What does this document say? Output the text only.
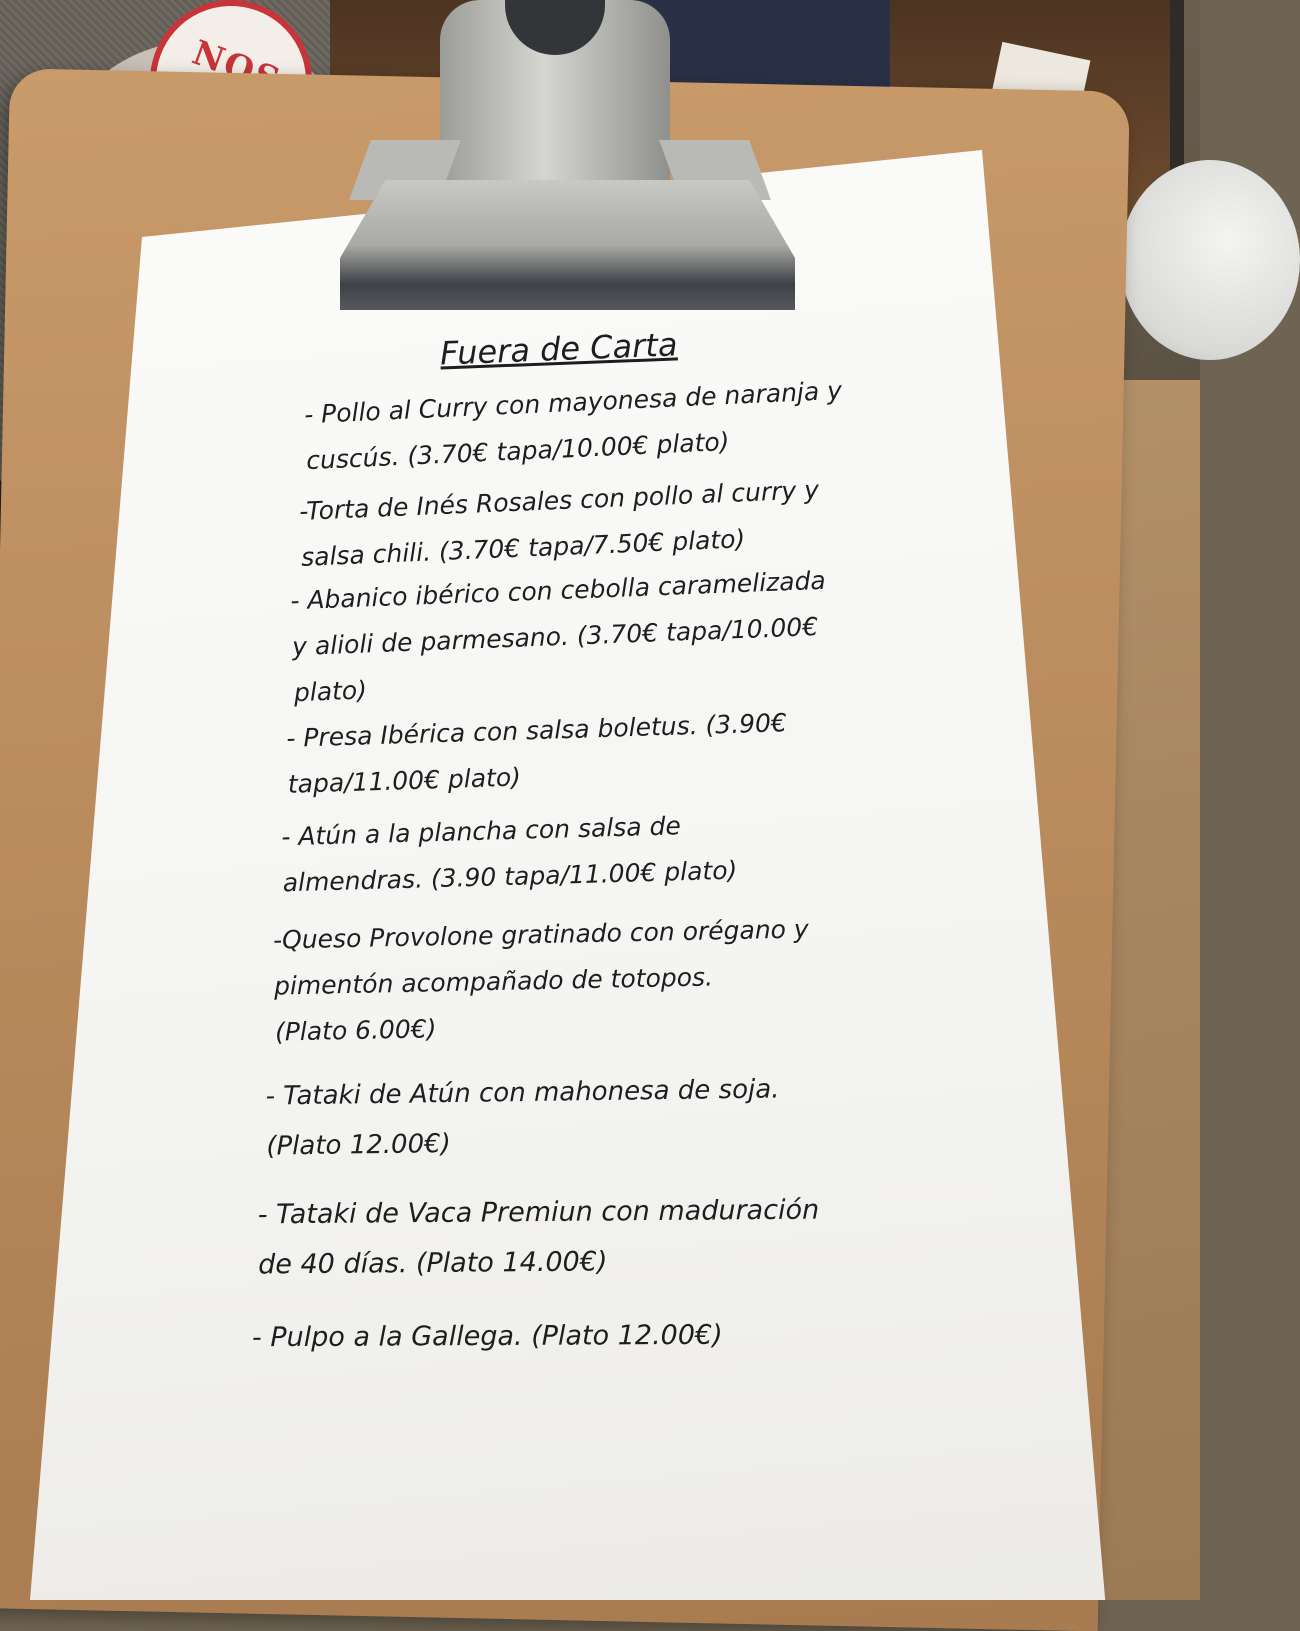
Fuera de Carta
- Pollo al Curry con mayonesa de naranja y
cuscús. (3.70€ tapa/10.00€ plato)
-Torta de Inés Rosales con pollo al curry y
salsa chili. (3.70€ tapa/7.50€ plato)
- Abanico ibérico con cebolla caramelizada
y alioli de parmesano. (3.70€ tapa/10.00€
plato)
- Presa Ibérica con salsa boletus. (3.90€
tapa/11.00€ plato)
- Atún a la plancha con salsa de
almendras. (3.90 tapa/11.00€ plato)
-Queso Provolone gratinado con orégano y
pimentón acompañado de totopos.
(Plato 6.00€)
- Tataki de Atún con mahonesa de soja.
(Plato 12.00€)
- Tataki de Vaca Premiun con maduración
de 40 días. (Plato 14.00€)
- Pulpo a la Gallega. (Plato 12.00€)
